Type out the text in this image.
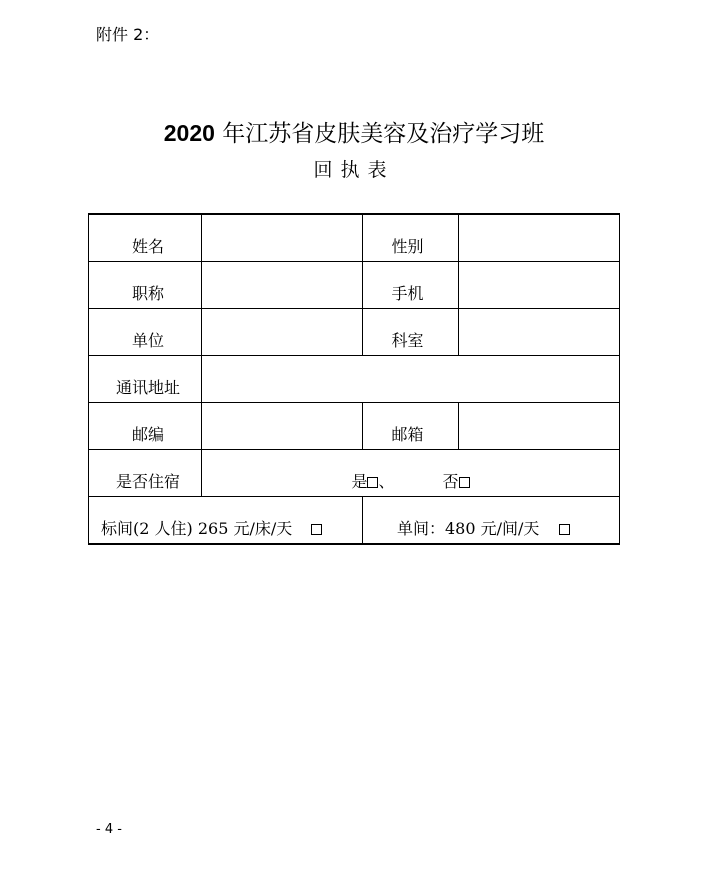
附件 2：
2020 年江苏省皮肤美容及治疗学习班
回执表
姓名		性别	
职称		手机	
单位		科室	
通讯地址			
邮编		邮箱	
是否住宿	是 、 否		
标间(2 人住) 265 元/床/天		单间：480 元/间/天	
- 4 -
